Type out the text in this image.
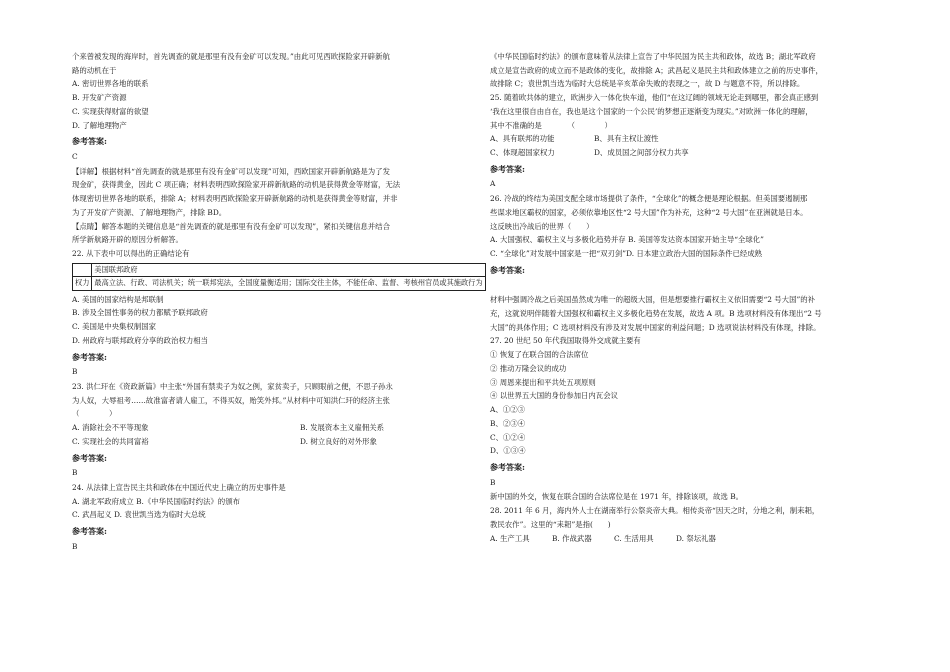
个来曾被发现的海岸时，首先调查的就是那里有没有金矿可以发现。”由此可见西欧探险家开辟新航

路的动机在于

A. 密切世界各地的联系

B. 开发矿产资源

C. 实现获得财富的欲望

D. 了解地理物产

参考答案:

C

【详解】根据材料“首先调查的就是那里有没有金矿可以发现”可知，西欧国家开辟新航路是为了发

现金矿，获得黄金，因此 C 项正确；材料表明西欧探险家开辟新航路的动机是获得黄金等财富，无法

体现密切世界各地的联系，排除 A；材料表明西欧探险家开辟新航路的动机是获得黄金等财富，并非

为了开发矿产资源、了解地理物产，排除 BD。

【点睛】解答本题的关键信息是“首先调查的就是那里有没有金矿可以发现”，紧扣关键信息并结合

所学新航路开辟的原因分析解答。

22. 从下表中可以得出的正确结论有

	美国联邦政府
权力	最高立法、行政、司法机关；统一联邦宪法，全国度量衡适用；国际交往主体，不能任命、监督、考核州官员或其施政行为

A. 美国的国家结构是邦联制

B. 涉及全国性事务的权力都赋予联邦政府

C. 美国是中央集权制国家

D. 州政府与联邦政府分享的政治权力相当

参考答案:

B

23. 洪仁玕在《资政新篇》中主张“外国有禁卖子为奴之例，家贫卖子，只顾眼前之便，不思子孙永

为人奴，大辱祖考……故准富者请人雇工，不得买奴，贻笑外邦。”从材料中可知洪仁玕的经济主张

（　　　　）

A. 消除社会不平等现象	B. 发展资本主义雇佣关系
C. 实现社会的共同富裕	D. 树立良好的对外形象

参考答案:

B

24. 从法律上宣告民主共和政体在中国近代史上确立的历史事件是

A. 湖北军政府成立 B.《中华民国临时约法》的颁布

C. 武昌起义 D. 袁世凯当选为临时大总统

参考答案:

B

《中华民国临时约法》的颁布意味着从法律上宣告了中华民国为民主共和政体，故选 B；湖北军政府

成立是宣告政府的成立而不是政体的变化，故排除 A；武昌起义是民主共和政体建立之前的历史事件，

故排除 C；袁世凯当选为临时大总统是辛亥革命失败的表现之一，故 D 与题意不符，所以排除。

25. 随着欧共体的建立，欧洲步入一体化快车道，他们“在这辽阔的领域无论走到哪里，都会真正感到

‘我在这里很自由自在，我也是这个国家的一个公民’的梦想正逐渐变为现实。”对欧洲一体化的理解，

其中不准确的是　　　　（　　　　）

A、具有联邦的功能	B、具有主权让渡性
C、体现超国家权力	D、成员国之间部分权力共享

参考答案:

A

26. 冷战的终结为美国支配全球市场提供了条件，“全球化”的概念便是理论根据。但美国要遏制那

些谋求地区霸权的国家，必须依靠地区性“2 号大国”作为补充，这种“2 号大国”在亚洲就是日本。

这反映出冷战后的世界（　　）

A. 大国强权、霸权主义与多极化趋势并存 B. 美国等发达资本国家开始主导“全球化”

C. “全球化”对发展中国家是一把“双刃剑”D. 日本建立政治大国的国际条件已经成熟

参考答案:

材料中强调冷战之后美国虽然成为唯一的超级大国，但是想要推行霸权主义依旧需要“2 号大国”的补

充，这就说明伴随着大国强权和霸权主义多极化趋势在发展，故选 A 项。B 选项材料没有体现出“2 号

大国”的具体作用；C 选项材料没有涉及对发展中国家的利益问题；D 选项说法材料没有体现，排除。

27. 20 世纪 50 年代我国取得外交成就主要有

① 恢复了在联合国的合法席位

② 推动万隆会议的成功

③ 周恩来提出和平共处五项原则

④ 以世界五大国的身份参加日内瓦会议

A、①②③

B、②③④

C、①②④

D、①③④

参考答案:

B

新中国的外交，恢复在联合国的合法席位是在 1971 年，排除该项，故选 B。

28. 2011 年 6 月，海内外人士在湖南举行公祭炎帝大典。相传炎帝“因天之时，分地之利，制耒耜，

教民农作”。这里的“耒耜”是指(　　)

A. 生产工具	B. 作战武器	C. 生活用具	D. 祭坛礼器
